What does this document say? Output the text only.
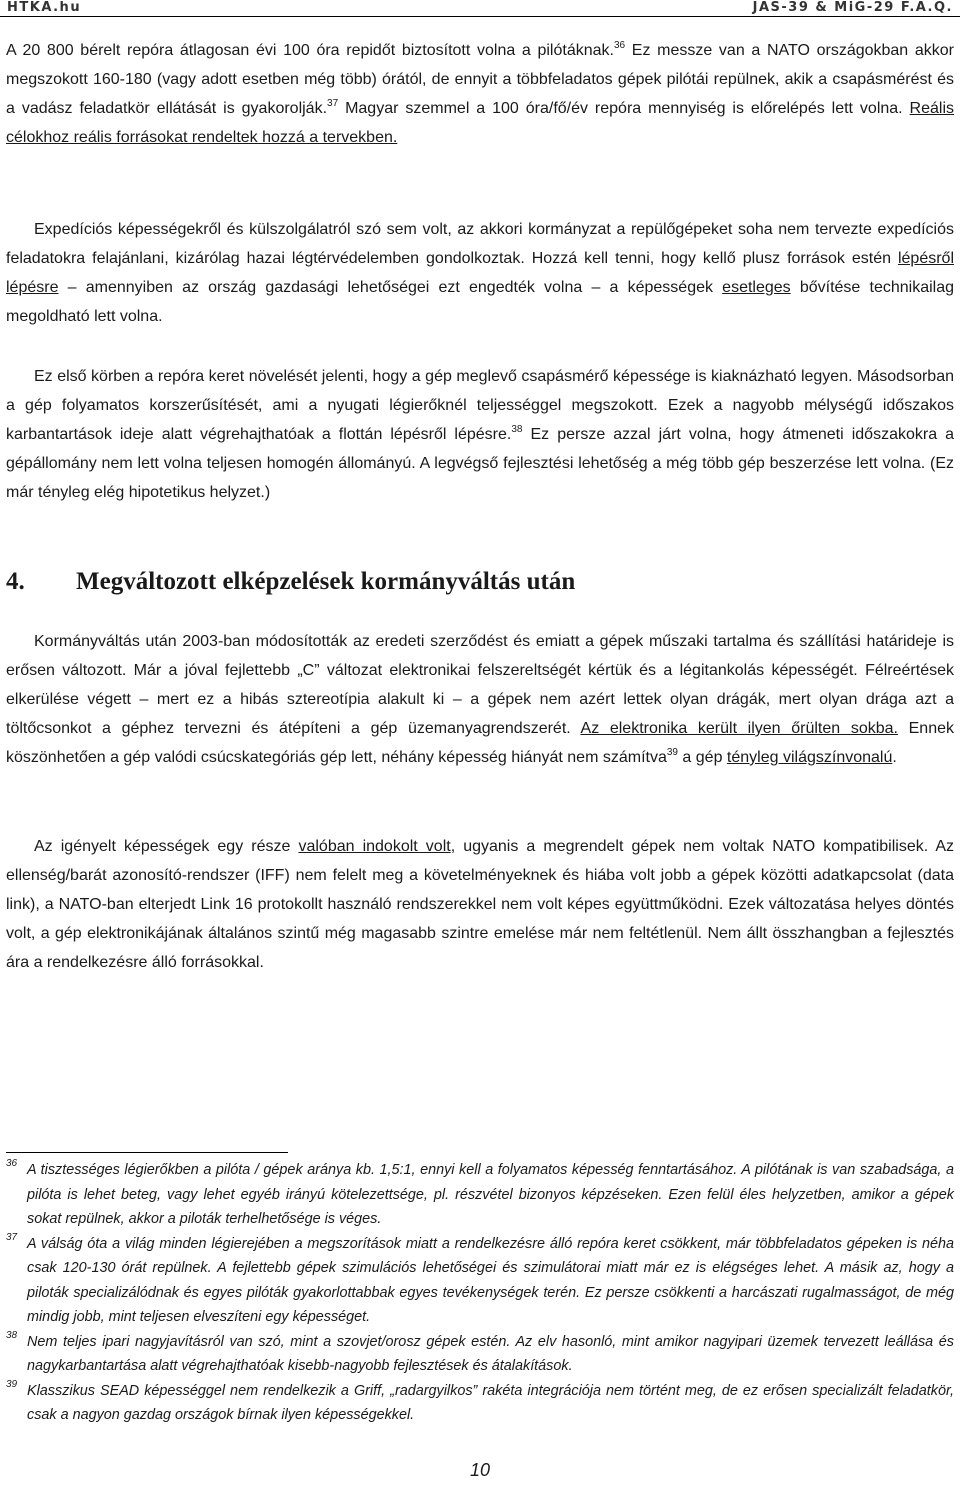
HTKA.hu	JAS-39 & MiG-29 F.A.Q.

A 20 800 bérelt repóra átlagosan évi 100 óra repidőt biztosított volna a pilótáknak.$^{36}$ Ez messze van a NATO országokban akkor megszokott 160-180 (vagy adott esetben még több) órától, de ennyit a többfeladatos gépek pilótái repülnek, akik a csapásmérést és a vadász feladatkör ellátását is gyakorolják.$^{37}$ Magyar szemmel a 100 óra/fő/év repóra mennyiség is előrelépés lett volna. Reális célokhoz reális forrásokat rendeltek hozzá a tervekben.

Expedíciós képességekről és külszolgálatról szó sem volt, az akkori kormányzat a repülőgépeket soha nem tervezte expedíciós feladatokra felajánlani, kizárólag hazai légtérvédelemben gondolkoztak. Hozzá kell tenni, hogy kellő plusz források estén lépésről lépésre – amennyiben az ország gazdasági lehetőségei ezt engedték volna – a képességek esetleges bővítése technikailag megoldható lett volna.

Ez első körben a repóra keret növelését jelenti, hogy a gép meglevő csapásmérő képessége is kiaknázható legyen. Másodsorban a gép folyamatos korszerűsítését, ami a nyugati légierőknél teljességgel megszokott. Ezek a nagyobb mélységű időszakos karbantartások ideje alatt végrehajthatóak a flottán lépésről lépésre.$^{38}$ Ez persze azzal járt volna, hogy átmeneti időszakokra a gépállomány nem lett volna teljesen homogén állományú. A legvégső fejlesztési lehetőség a még több gép beszerzése lett volna. (Ez már tényleg elég hipotetikus helyzet.)

4. Megváltozott elképzelések kormányváltás után

Kormányváltás után 2003-ban módosították az eredeti szerződést és emiatt a gépek műszaki tartalma és szállítási határideje is erősen változott. Már a jóval fejlettebb „C” változat elektronikai felszereltségét kértük és a légitankolás képességét. Félreértések elkerülése végett – mert ez a hibás sztereotípia alakult ki – a gépek nem azért lettek olyan drágák, mert olyan drága azt a töltőcsonkot a géphez tervezni és átépíteni a gép üzemanyagrendszerét. Az elektronika került ilyen őrülten sokba. Ennek köszönhetően a gép valódi csúcskategóriás gép lett, néhány képesség hiányát nem számítva$^{39}$ a gép tényleg világszínvonalú.

Az igényelt képességek egy része valóban indokolt volt, ugyanis a megrendelt gépek nem voltak NATO kompatibilisek. Az ellenség/barát azonosító-rendszer (IFF) nem felelt meg a követelményeknek és hiába volt jobb a gépek közötti adatkapcsolat (data link), a NATO-ban elterjedt Link 16 protokollt használó rendszerekkel nem volt képes együttműködni. Ezek változatása helyes döntés volt, a gép elektronikájának általános szintű még magasabb szintre emelése már nem feltétlenül. Nem állt összhangban a fejlesztés ára a rendelkezésre álló forrásokkal.

36 A tisztességes légierőkben a pilóta / gépek aránya kb. 1,5:1, ennyi kell a folyamatos képesség fenntartásához. A pilótának is van szabadsága, a pilóta is lehet beteg, vagy lehet egyéb irányú kötelezettsége, pl. részvétel bizonyos képzéseken. Ezen felül éles helyzetben, amikor a gépek sokat repülnek, akkor a piloták terhelhetősége is véges.
37 A válság óta a világ minden légierejében a megszorítások miatt a rendelkezésre álló repóra keret csökkent, már többfeladatos gépeken is néha csak 120-130 órát repülnek. A fejlettebb gépek szimulációs lehetőségei és szimulátorai miatt már ez is elégséges lehet. A másik az, hogy a piloták specializálódnak és egyes pilóták gyakorlottabbak egyes tevékenységek terén. Ez persze csökkenti a harcászati rugalmasságot, de még mindig jobb, mint teljesen elveszíteni egy képességet.
38 Nem teljes ipari nagyjavításról van szó, mint a szovjet/orosz gépek estén. Az elv hasonló, mint amikor nagyipari üzemek tervezett leállása és nagykarbantartása alatt végrehajthatóak kisebb-nagyobb fejlesztések és átalakítások.
39 Klasszikus SEAD képességgel nem rendelkezik a Griff, „radargyilkos” rakéta integrációja nem történt meg, de ez erősen specializált feladatkör, csak a nagyon gazdag országok bírnak ilyen képességekkel.
10
